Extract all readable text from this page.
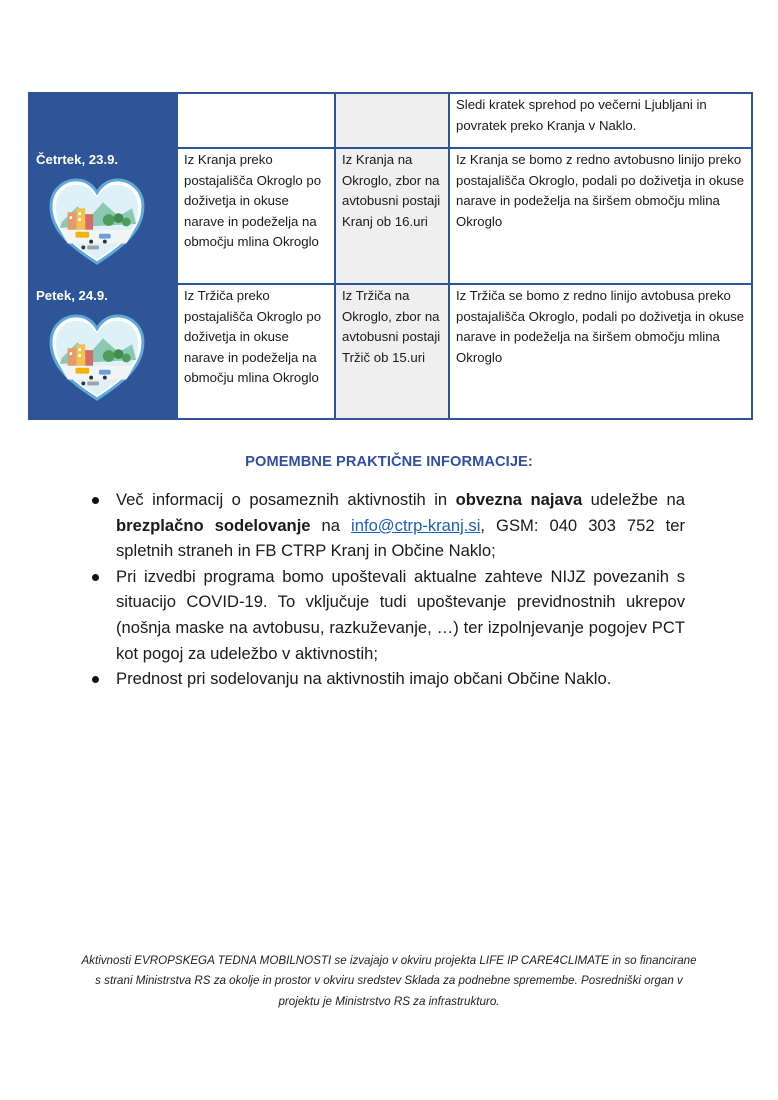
			Sledi kratek sprehod po večerni Ljubljani in povratek preko Kranja v Naklo.

Četrtek, 23.9.	Iz Kranja preko postajališča Okroglo po doživetja in okuse narave in podeželja na območju mlina Okroglo	Iz Kranja na Okroglo, zbor na avtobusni postaji Kranj ob 16.uri	Iz Kranja se bomo z redno avtobusno linijo preko postajališča Okroglo, podali po doživetja in okuse narave in podeželja na širšem območju mlina Okroglo

Petek, 24.9.	Iz Tržiča preko postajališča Okroglo po doživetja in okuse narave in podeželja na območju mlina Okroglo	Iz Tržiča na Okroglo, zbor na avtobusni postaji Tržič ob 15.uri	Iz Tržiča se bomo z redno linijo avtobusa preko postajališča Okroglo, podali po doživetja in okuse narave in podeželja na širšem območju mlina Okroglo
POMEMBNE PRAKTIČNE INFORMACIJE:
Več informacij o posameznih aktivnostih in obvezna najava udeležbe na brezplačno sodelovanje na info@ctrp-kranj.si, GSM: 040 303 752 ter spletnih straneh in FB CTRP Kranj in Občine Naklo;
Pri izvedbi programa bomo upoštevali aktualne zahteve NIJZ povezanih s situacijo COVID-19. To vključuje tudi upoštevanje previdnostnih ukrepov (nošnja maske na avtobusu, razkuževanje, …) ter izpolnjevanje pogojev PCT kot pogoj za udeležbo v aktivnostih;
Prednost pri sodelovanju na aktivnostih imajo občani Občine Naklo.
Aktivnosti EVROPSKEGA TEDNA MOBILNOSTI se izvajajo v okviru projekta LIFE IP CARE4CLIMATE in so financirane s strani Ministrstva RS za okolje in prostor v okviru sredstev Sklada za podnebne spremembe. Posredniški organ v projektu je Ministrstvo RS za infrastrukturo.
